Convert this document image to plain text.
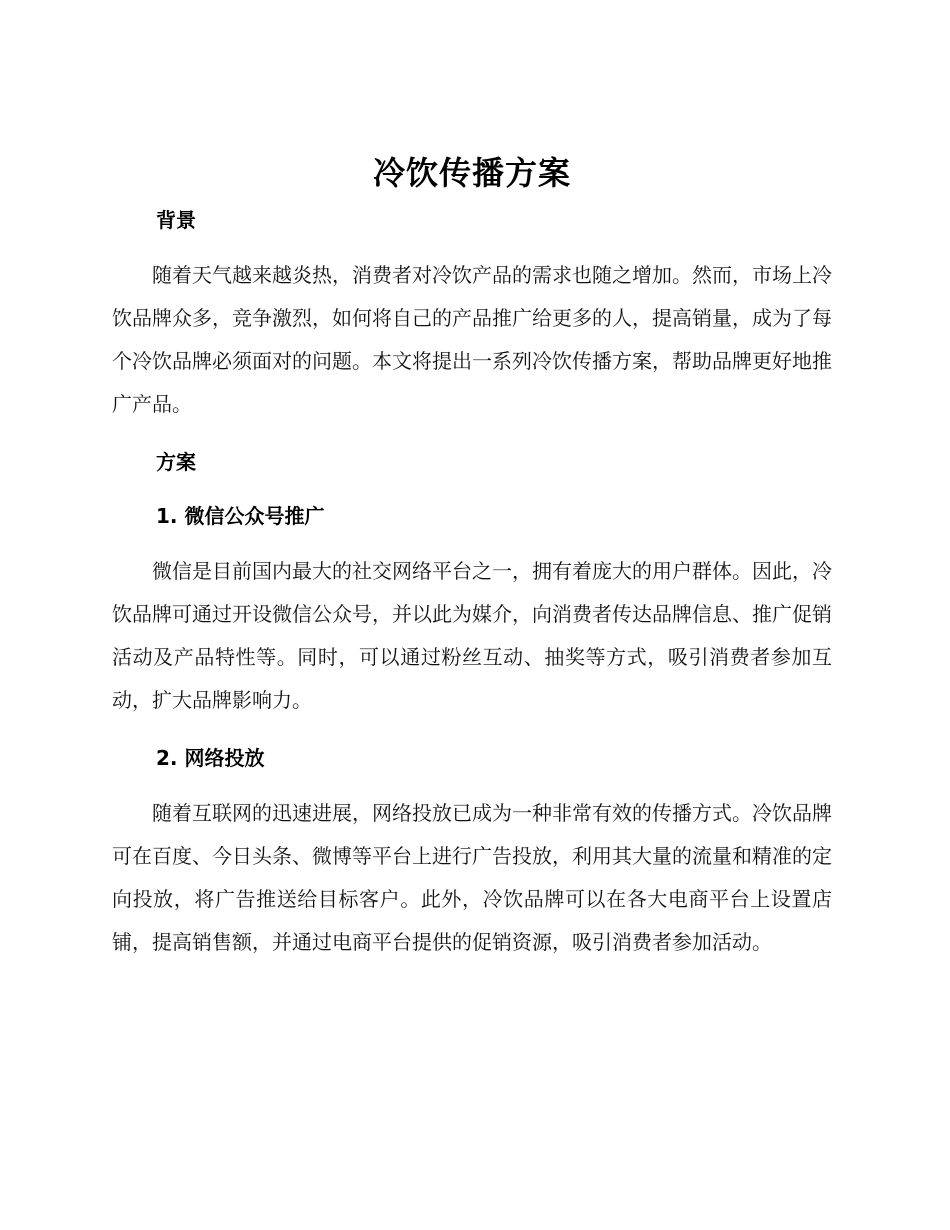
冷饮传播方案
背景

随着天气越来越炎热，消费者对冷饮产品的需求也随之增加。然而，市场上冷饮品牌众多，竞争激烈，如何将自己的产品推广给更多的人，提高销量，成为了每个冷饮品牌必须面对的问题。本文将提出一系列冷饮传播方案，帮助品牌更好地推广产品。

方案
1. 微信公众号推广

微信是目前国内最大的社交网络平台之一，拥有着庞大的用户群体。因此，冷饮品牌可通过开设微信公众号，并以此为媒介，向消费者传达品牌信息、推广促销活动及产品特性等。同时，可以通过粉丝互动、抽奖等方式，吸引消费者参加互动，扩大品牌影响力。

2. 网络投放

随着互联网的迅速进展，网络投放已成为一种非常有效的传播方式。冷饮品牌可在百度、今日头条、微博等平台上进行广告投放，利用其大量的流量和精准的定向投放，将广告推送给目标客户。此外，冷饮品牌可以在各大电商平台上设置店铺，提高销售额，并通过电商平台提供的促销资源，吸引消费者参加活动。
